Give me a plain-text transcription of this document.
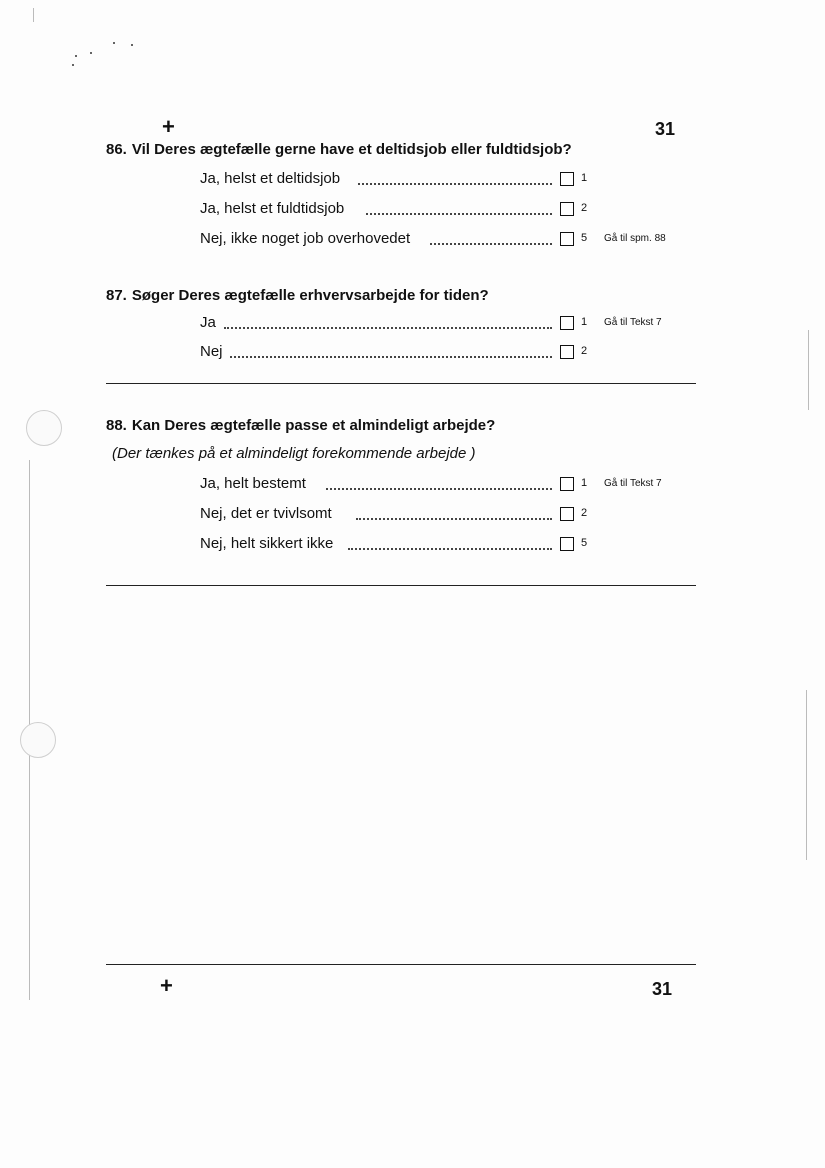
+	31
86. Vil Deres ægtefælle gerne have et deltidsjob eller fuldtidsjob?
Ja, helst et deltidsjob	1
Ja, helst et fuldtidsjob	2
Nej, ikke noget job overhovedet	5 Gå til spm. 88
87. Søger Deres ægtefælle erhvervsarbejde for tiden?
Ja	1 Gå til Tekst 7
Nej	2
88. Kan Deres ægtefælle passe et almindeligt arbejde?
(Der tænkes på et almindeligt forekommende arbejde )
Ja, helt bestemt	1 Gå til Tekst 7
Nej, det er tvivlsomt	2
Nej, helt sikkert ikke	5
+	31
